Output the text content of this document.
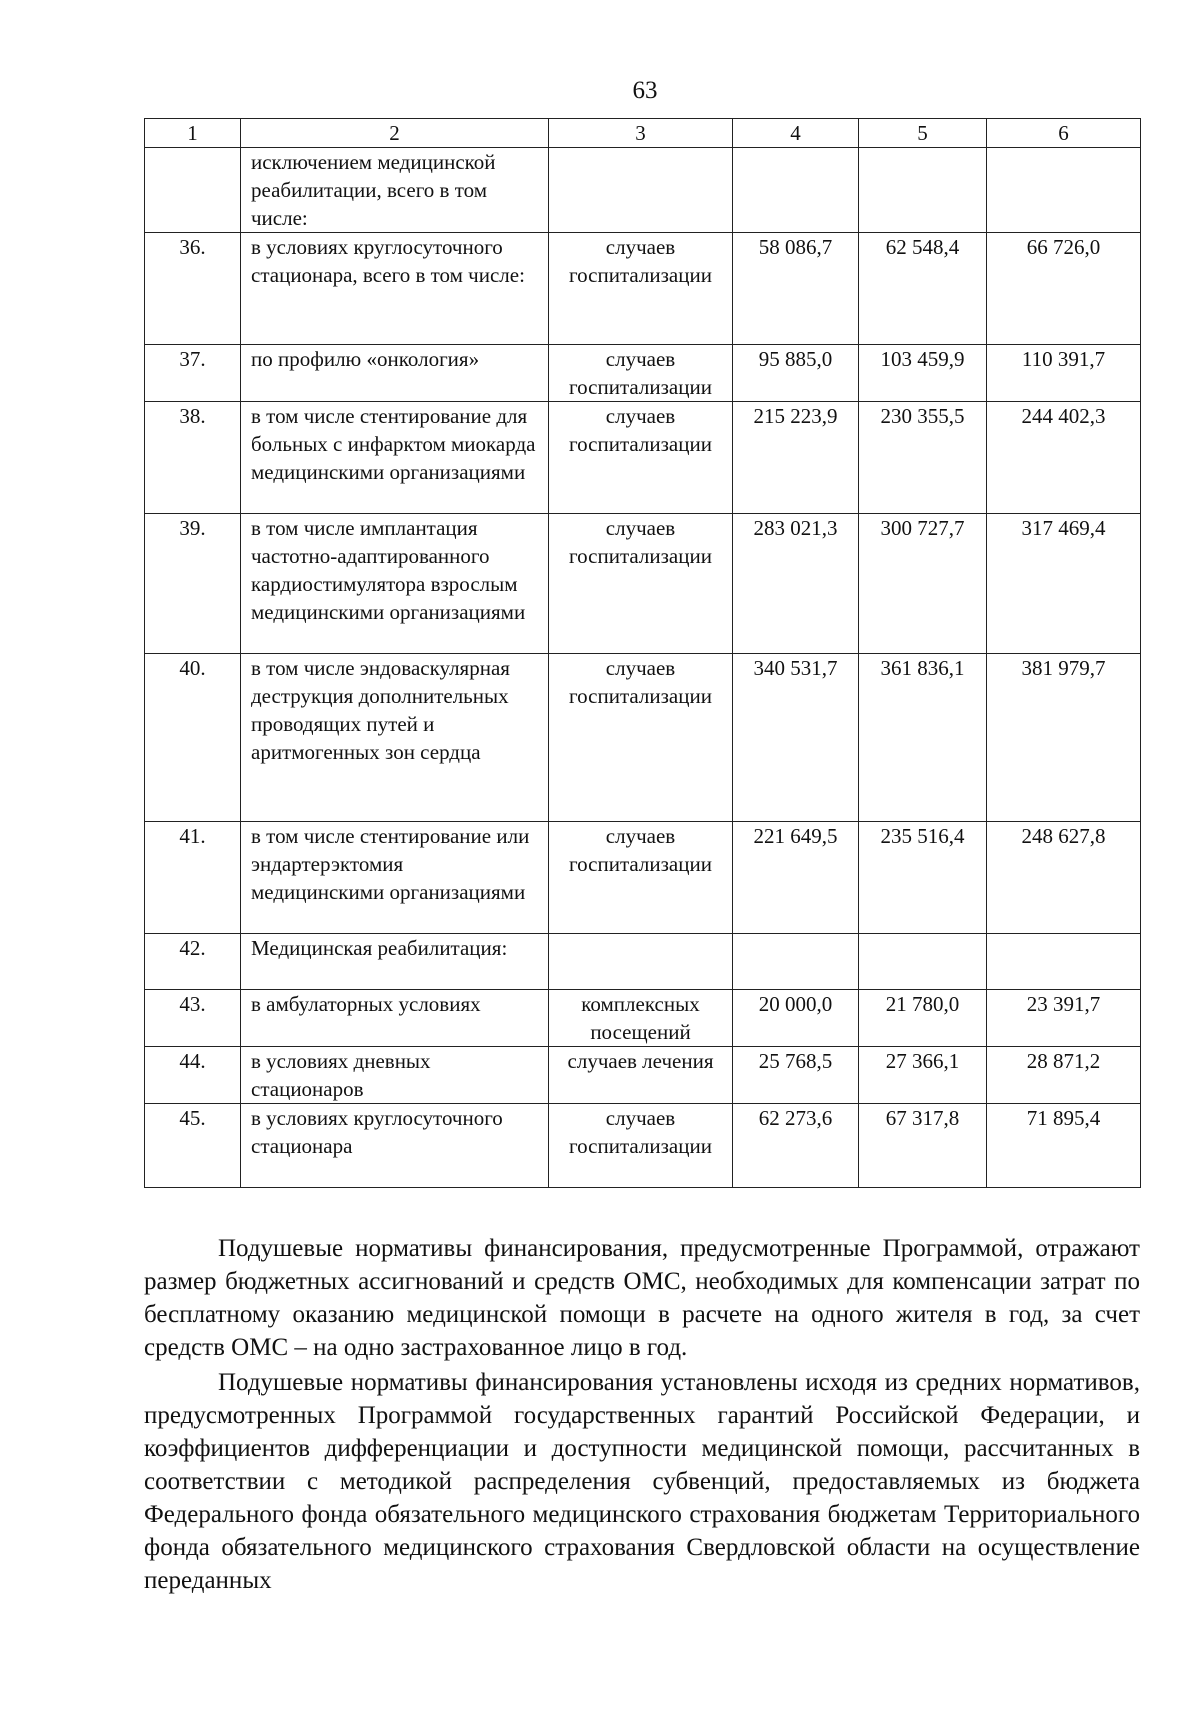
63
1	2	3	4	5	6
	исключением медицинской реабилитации, всего в том числе:				
36.	в условиях круглосуточного стационара, всего в том числе:	случаев госпитализации	58 086,7	62 548,4	66 726,0
37.	по профилю «онкология»	случаев госпитализации	95 885,0	103 459,9	110 391,7
38.	в том числе стентирование для больных с инфарктом миокарда медицинскими организациями	случаев госпитализации	215 223,9	230 355,5	244 402,3
39.	в том числе имплантация частотно-адаптированного кардиостимулятора взрослым медицинскими организациями	случаев госпитализации	283 021,3	300 727,7	317 469,4
40.	в том числе эндоваскулярная деструкция дополнительных проводящих путей и аритмогенных зон сердца	случаев госпитализации	340 531,7	361 836,1	381 979,7
41.	в том числе стентирование или эндартерэктомия медицинскими организациями	случаев госпитализации	221 649,5	235 516,4	248 627,8
42.	Медицинская реабилитация:				
43.	в амбулаторных условиях	комплексных посещений	20 000,0	21 780,0	23 391,7
44.	в условиях дневных стационаров	случаев лечения	25 768,5	27 366,1	28 871,2
45.	в условиях круглосуточного стационара	случаев госпитализации	62 273,6	67 317,8	71 895,4

Подушевые нормативы финансирования, предусмотренные Программой, отражают размер бюджетных ассигнований и средств ОМС, необходимых для компенсации затрат по бесплатному оказанию медицинской помощи в расчете на одного жителя в год, за счет средств ОМС – на одно застрахованное лицо в год.

Подушевые нормативы финансирования установлены исходя из средних нормативов, предусмотренных Программой государственных гарантий Российской Федерации, и коэффициентов дифференциации и доступности медицинской помощи, рассчитанных в соответствии с методикой распределения субвенций, предоставляемых из бюджета Федерального фонда обязательного медицинского страхования бюджетам Территориального фонда обязательного медицинского страхования Свердловской области на осуществление переданных
